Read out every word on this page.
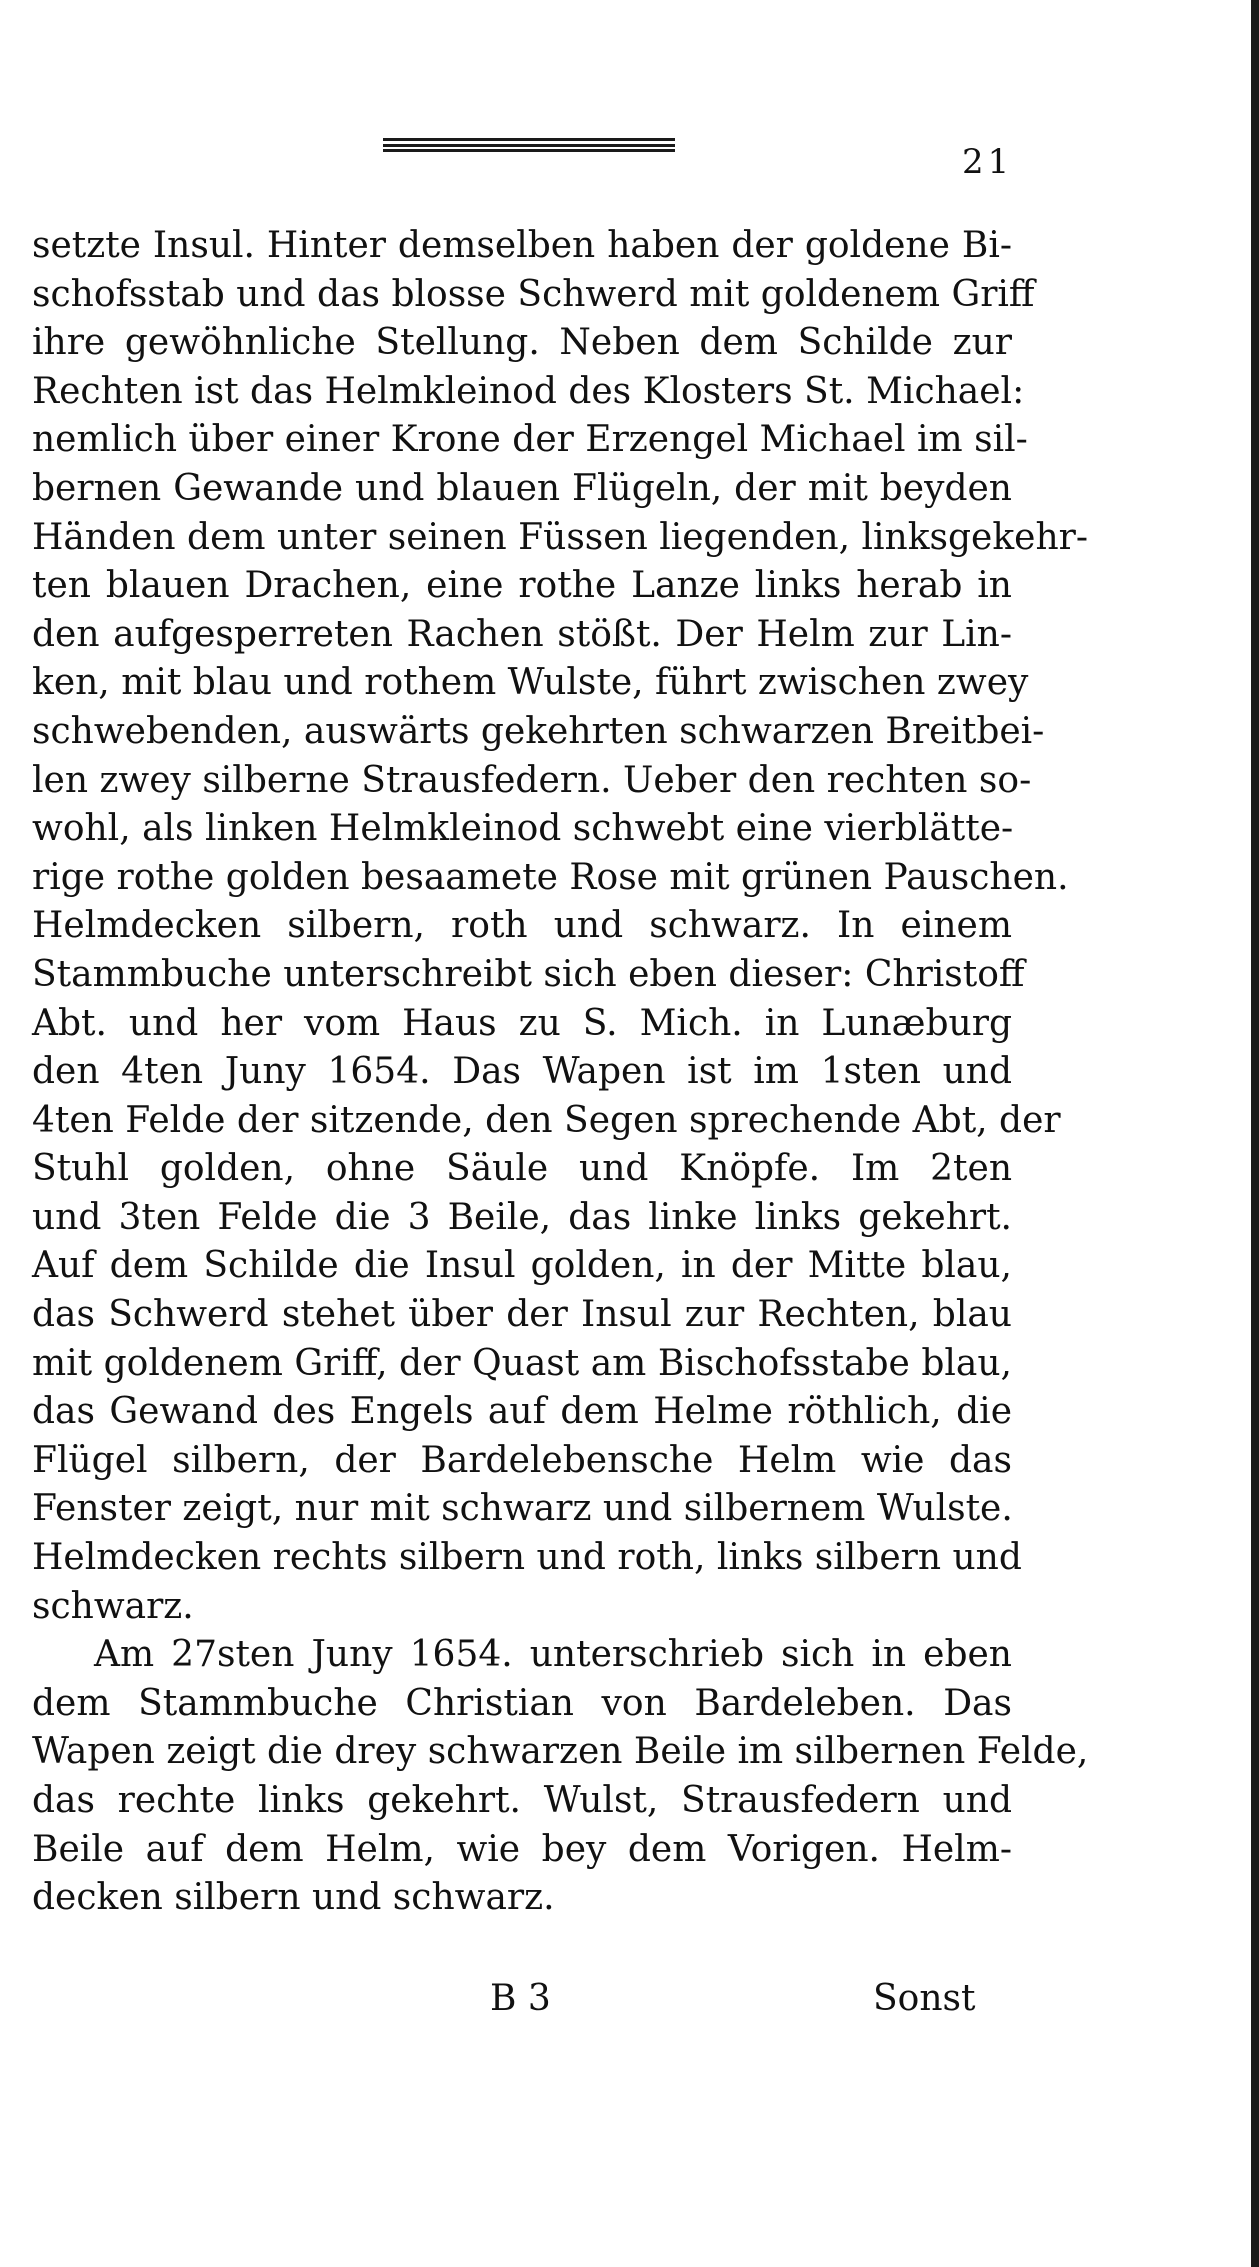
21
setzte Insul. Hinter demselben haben der goldene Bi-
schofsstab und das blosse Schwerd mit goldenem Griff
ihre gewöhnliche Stellung. Neben dem Schilde zur
Rechten ist das Helmkleinod des Klosters St. Michael:
nemlich über einer Krone der Erzengel Michael im sil-
bernen Gewande und blauen Flügeln, der mit beyden
Händen dem unter seinen Füssen liegenden, linksgekehr-
ten blauen Drachen, eine rothe Lanze links herab in
den aufgesperreten Rachen stößt. Der Helm zur Lin-
ken, mit blau und rothem Wulste, führt zwischen zwey
schwebenden, auswärts gekehrten schwarzen Breitbei-
len zwey silberne Strausfedern. Ueber den rechten so-
wohl, als linken Helmkleinod schwebt eine vierblätte-
rige rothe golden besaamete Rose mit grünen Pauschen.
Helmdecken silbern, roth und schwarz. In einem
Stammbuche unterschreibt sich eben dieser: Christoff
Abt. und her vom Haus zu S. Mich. in Lunæburg
den 4ten Juny 1654. Das Wapen ist im 1sten und
4ten Felde der sitzende, den Segen sprechende Abt, der
Stuhl golden, ohne Säule und Knöpfe. Im 2ten
und 3ten Felde die 3 Beile, das linke links gekehrt.
Auf dem Schilde die Insul golden, in der Mitte blau,
das Schwerd stehet über der Insul zur Rechten, blau
mit goldenem Griff, der Quast am Bischofsstabe blau,
das Gewand des Engels auf dem Helme röthlich, die
Flügel silbern, der Bardelebensche Helm wie das
Fenster zeigt, nur mit schwarz und silbernem Wulste.
Helmdecken rechts silbern und roth, links silbern und
schwarz.
Am 27sten Juny 1654. unterschrieb sich in eben
dem Stammbuche Christian von Bardeleben. Das
Wapen zeigt die drey schwarzen Beile im silbernen Felde,
das rechte links gekehrt. Wulst, Strausfedern und
Beile auf dem Helm, wie bey dem Vorigen. Helm-
decken silbern und schwarz.
B 3	Sonst
